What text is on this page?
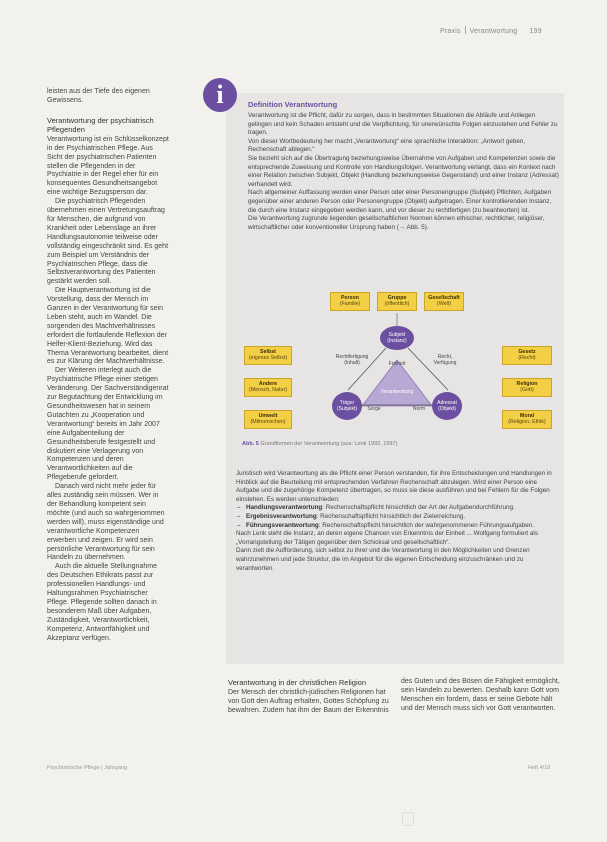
Praxis Verantwortung 199

leisten aus der Tiefe des eigenen Gewissens.

Verantwortung der psychiatrisch Pflegenden

Verantwortung ist ein Schlüsselkonzept in der Psychiatrischen Pflege. Aus Sicht der psychiatrischen Patienten stellen die Pflegenden in der Psychiatrie in der Regel eher für ein konsequentes Gesundheitsangebot eine wichtige Bezugsperson dar.

Die psychiatrisch Pflegenden übernehmen einen Vertretungsauftrag für Menschen, die aufgrund von Krankheit oder Lebenslage an ihrer Handlungsautonomie teilweise oder vollständig eingeschränkt sind. Es geht zum Beispiel um Verständnis der Psychiatrischen Pflege, dass die Selbstverantwortung des Patienten gestärkt werden soll.

Die Hauptverantwortung ist die Vorstellung, dass der Mensch im Ganzen in der Verantwortung für sein Leben steht, auch im Wandel. Die sorgenden des Machtverhältnisses erfordert die fortlaufende Reflexion der Helfer-Klient-Beziehung. Wird das Thema Verantwortung bearbeitet, dient es zur Klärung der Machtverhältnisse.

Der Weiteren interlegt auch die Psychiatrische Pflege einer stetigen Veränderung. Der Sachverständigenrat zur Begutachtung der Entwicklung im Gesundheitswesen hat in seinem Gutachten zu „Kooperation und Verantwortung“ bereits im Jahr 2007 eine Aufgabenteilung der Gesundheitsberufe festgestellt und diskutiert eine Verlagerung von Kompetenzen und deren Verantwortlichkeiten auf die Pflegeberufe gefordert.

Danach wird nicht mehr jeder für alles zuständig sein müssen. Wer in der Behandlung kompetent sein möchte (und auch so wahrgenommen werden will), muss eigenständige und verantwortliche Kompetenzen erwerben und zeigen. Er wird sein persönliche Verantwortung für sein Handeln zu übernehmen.

Auch die aktuelle Stellungnahme des Deutschen Ethikrats passt zur professionellen Handlungs- und Haltungsrahmen Psychiatrischer Pflege. Pflegende sollten danach in besonderem Maß über Aufgaben, Zuständigkeit, Verantwortlichkeit, Kompetenz, Antwortfähigkeit und Akzeptanz verfügen.

i	Definition Verantwortung

Verantwortung ist die Pflicht, dafür zu sorgen, dass in bestimmten Situationen die Abläufe und Anliegen gelingen und kein Schaden entsteht und die Verpflichtung, für unerwünschte Folgen einzustehen und Fehler zu tragen.

Von dieser Wortbedeutung her macht „Verantwortung“ eine sprachliche Interaktion: „Antwort geben, Rechenschaft ablegen.“

Sie bezieht sich auf die Übertragung beziehungsweise Übernahme von Aufgaben und Kompetenzen sowie die entsprechende Zuweisung und Kontrolle von Handlungsfolgen. Verantwortung verlangt, dass ein Kontext nach einer Relation zwischen Subjekt, Objekt (Handlung beziehungsweise Gegenstand) und einer Instanz (Adressat) verhandelt wird.

Nach allgemeiner Auffassung werden einer Person oder einer Personengruppe (Subjekt) Pflichten, Aufgaben gegenüber einer anderen Person oder Personengruppe (Objekt) aufgetragen. Einer kontrollierenden Instanz, die durch eine Instanz eingegeben werden kann, und vor dieser zu rechtfertigen (zu beantworten) ist.

Die Verantwortung zugrunde liegenden gesellschaftlichen Normen können ethischer, rechtlicher, religiöser, wirtschaftlicher oder konventioneller Ursprung haben (→ Abb. 5).

Person
(Familie)
Gruppe
(öffentlich)
Gesellschaft
(Welt)
Selbst
(eigenes Selbst)
Andere
(Mensch, Natur)
Umwelt
(Mitmenschen)
Gesetz
(Recht)
Religion
(Gott)
Moral
(Religion, Ethik)
Subjekt (Instanz)
Träger (Subjekt)
Adressat (Objekt)
Rechtfertigung (Inhalt)
Recht, Verfügung
Freiheit
Verantwortung
Sorge	Norm
Abb. 5 Grundformen der Verantwortung (aus: Lenk 1992, 1997)

Juristisch wird Verantwortung als die Pflicht einer Person verstanden, für ihre Entscheidungen und Handlungen in Hinblick auf die Beurteilung mit entsprechenden Verfahren Rechenschaft abzulegen. Wird einer Person eine Aufgabe und die zugehörige Kompetenz übertragen, so muss sie diese ausführen und bei Fehlern für die Folgen einstehen. Es werden unterschieden:

– Handlungsverantwortung: Rechenschaftspflicht hinsichtlich der Art der Aufgabendurchführung.
– Ergebnisverantwortung: Rechenschaftspflicht hinsichtlich der Zielerreichung.
– Führungsverantwortung: Rechenschaftspflicht hinsichtlich der wahrgenommenen Führungsaufgaben.

Nach Lenk steht die Instanz, an deren eigene Chancen von Erkenntnis der Einheit ... Wolfgang formuliert als „Vorrangstellung der Tätigen gegenüber dem Schicksal und gesellschaftlich“.

Dann zielt die Aufforderung, sich selbst zu ihrer und die Verantwortung in den Möglichkeiten und Grenzen wahrzunehmen und jede Struktur, die im Angebot für die eigenen Entscheidung einzuschränken und zu verantworten.

Verantwortung in der christlichen Religion

Der Mensch der christlich-jüdischen Religionen hat von Gott den Auftrag erhalten, Gottes Schöpfung zu bewahren. Zudem hat ihm der Baum der Erkenntnis

des Guten und des Bösen die Fähigkeit ermöglicht, sein Handeln zu bewerten. Deshalb kann Gott vom Menschen ein fordern, dass er seine Gebote hält und der Mensch muss sich vor Gott verantworten.

Psychiatrische Pflege | Jahrgang	Heft 4/18
